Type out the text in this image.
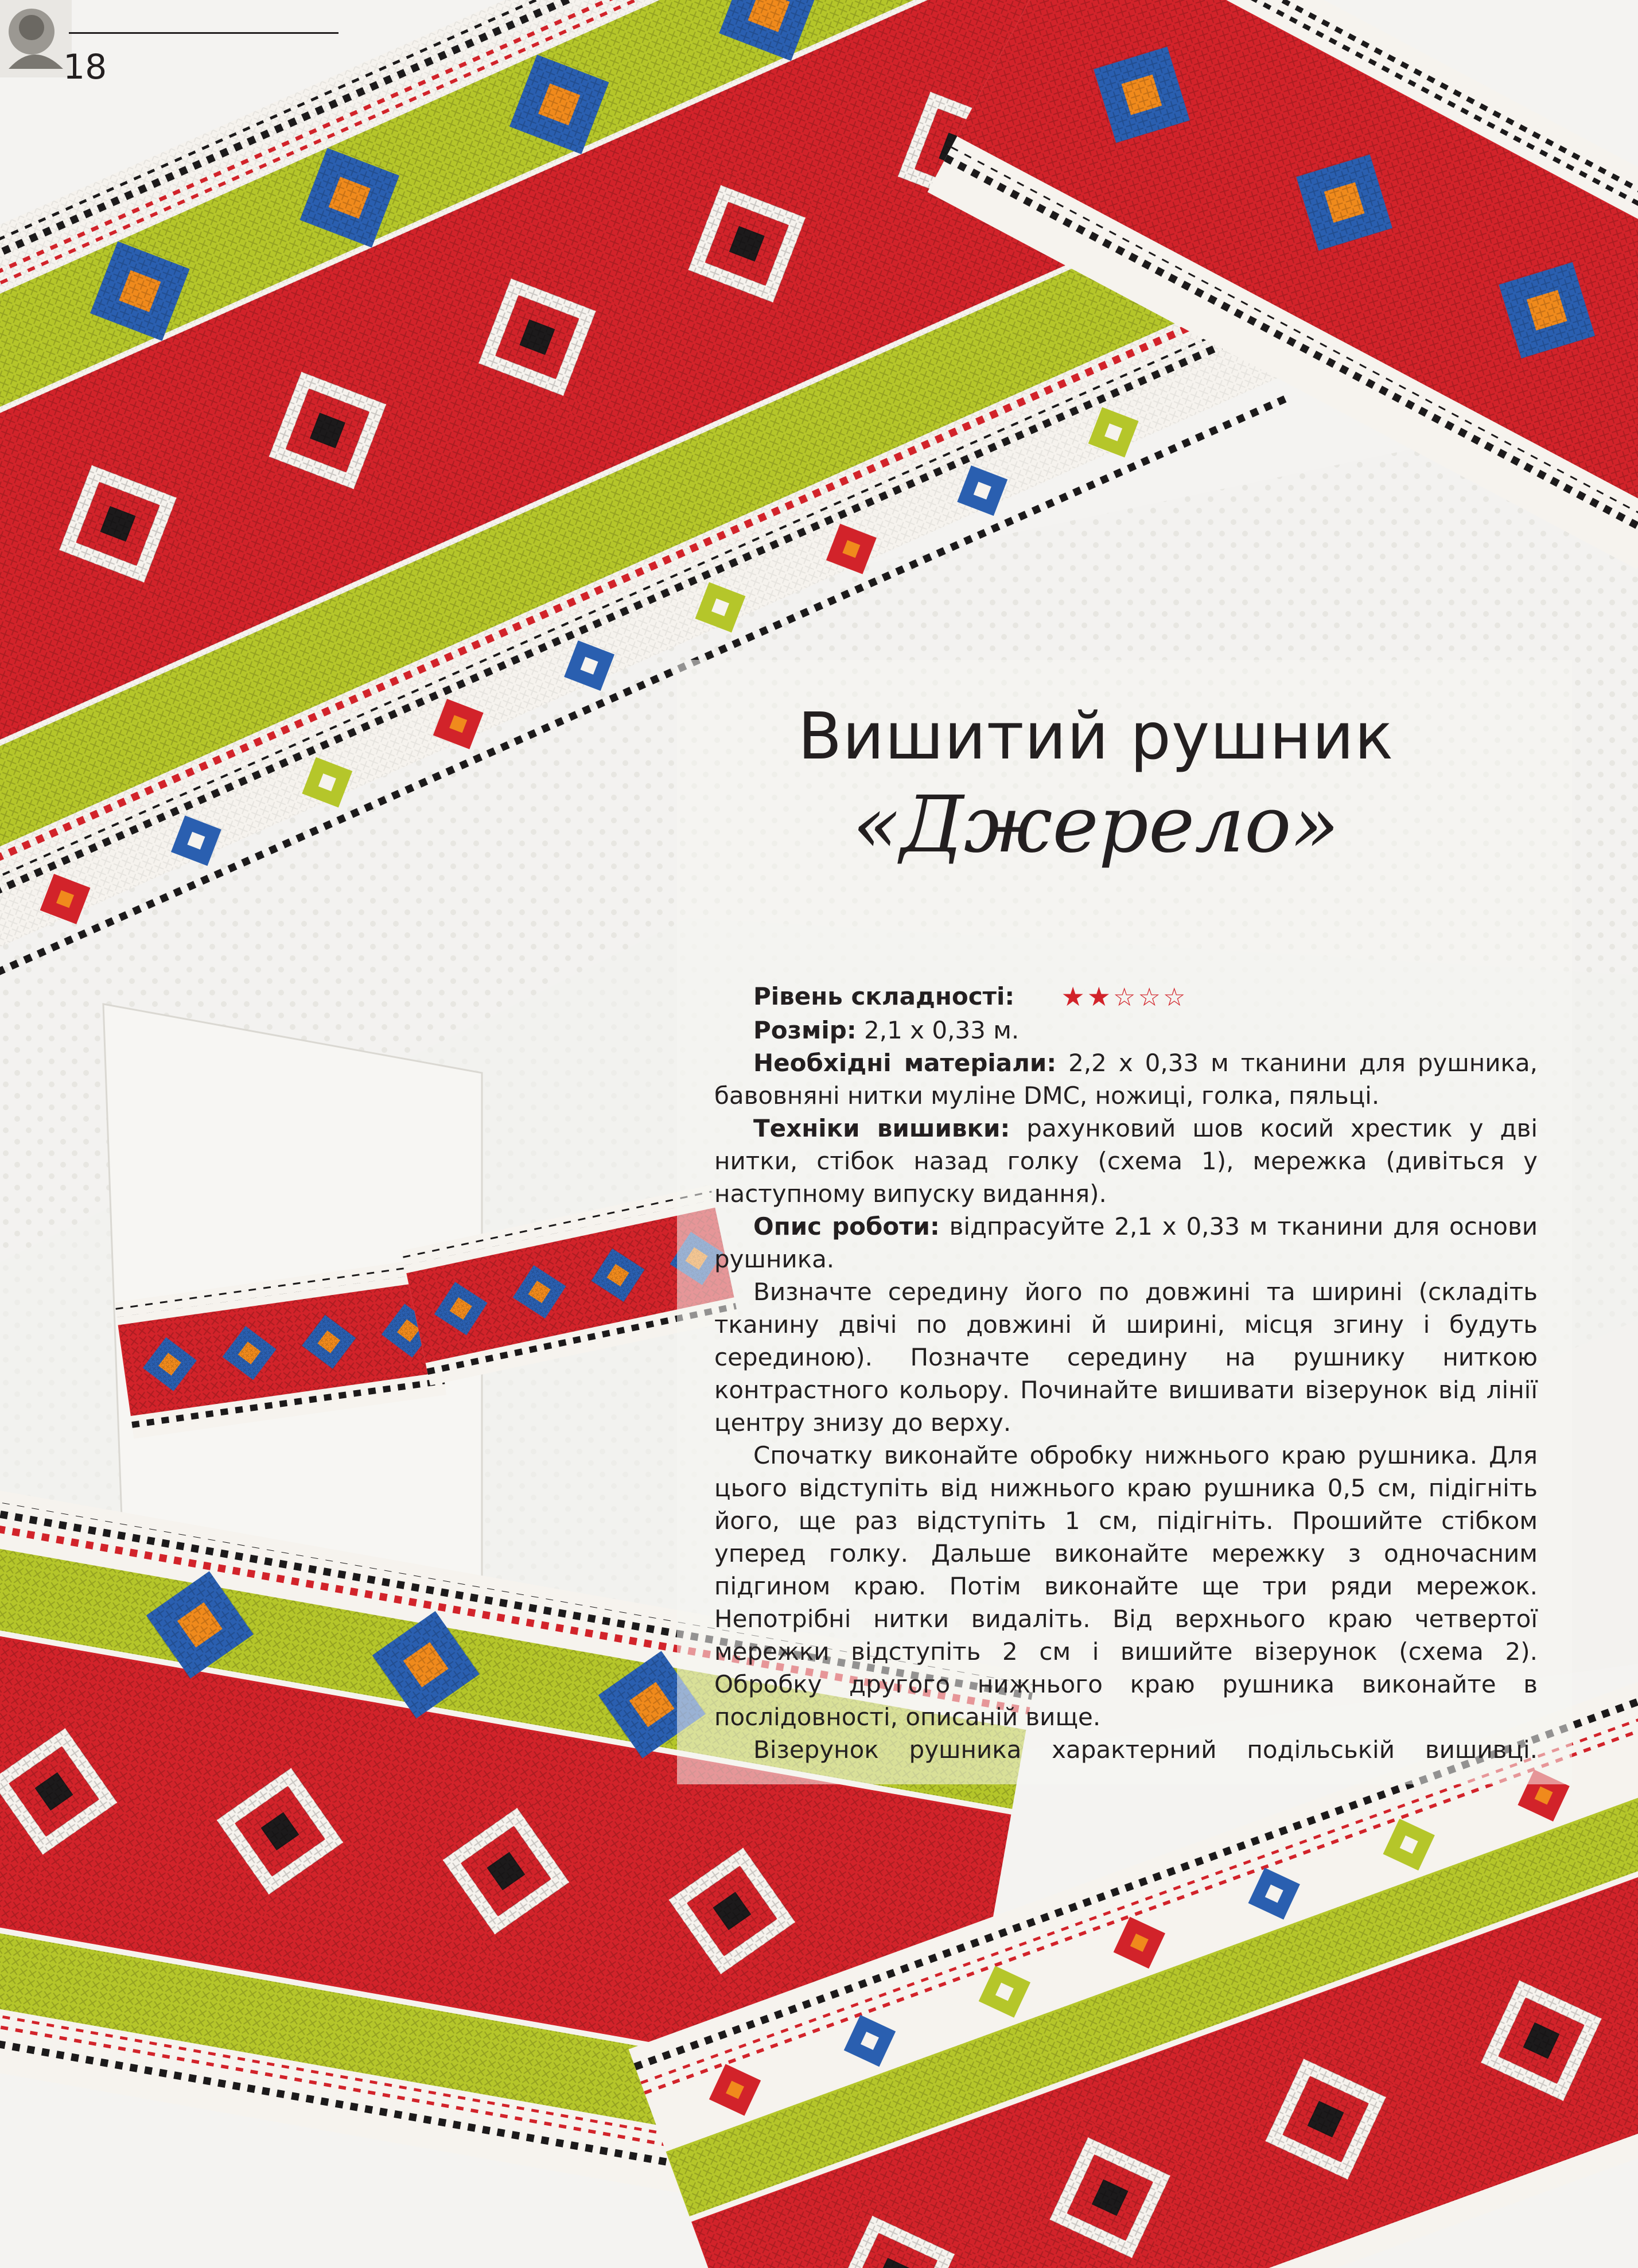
18
Вишитий рушник
«Джерело»

Рівень складності: ★★☆☆☆

Розмір: 2,1 х 0,33 м.

Необхідні матеріали: 2,2 х 0,33 м тканини для рушника, бавовняні нитки муліне DMC, ножиці, голка, пяльці.

Техніки вишивки: рахунковий шов косий хрестик у дві нитки, стібок назад голку (схема 1), мережка (дивіться у наступному випуску видання).

Опис роботи: відпрасуйте 2,1 х 0,33 м тканини для основи рушника.

Визначте середину його по довжині та ширині (складіть тканину двічі по довжині й ширині, місця згину і будуть серединою). Позначте середину на рушнику ниткою контрастного кольору. Починайте вишивати візерунок від лінії центру знизу до верху.

Спочатку виконайте обробку нижнього краю рушника. Для цього відступіть від нижнього краю рушника 0,5 см, підігніть його, ще раз відступіть 1 см, підігніть. Прошийте стібком уперед голку. Дальше виконайте мережку з одночасним підгином краю. Потім виконайте ще три ряди мережок. Непотрібні нитки видаліть. Від верхнього краю четвертої мережки відступіть 2 см і вишийте візерунок (схема 2). Обробку другого нижнього краю рушника виконайте в послідовності, описаній вище.

Візерунок рушника характерний подільській вишивці.
